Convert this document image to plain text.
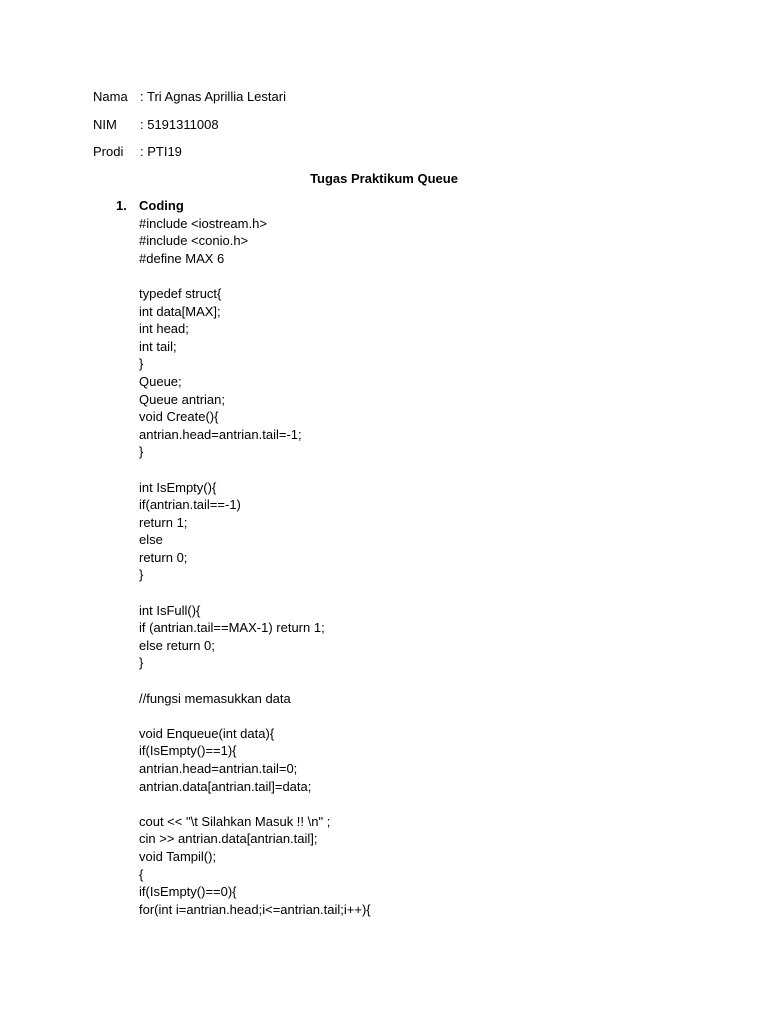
Nama : Tri Agnas Aprillia Lestari
NIM : 5191311008
Prodi : PTI19
Tugas Praktikum Queue
1. Coding
#include <iostream.h>
#include <conio.h>
#define MAX 6
typedef struct{
int data[MAX];
int head;
int tail;
}
Queue;
Queue antrian;
void Create(){
antrian.head=antrian.tail=-1;
}
int IsEmpty(){
if(antrian.tail==-1)
return 1;
else
return 0;
}
int IsFull(){
if (antrian.tail==MAX-1) return 1;
else return 0;
}
//fungsi memasukkan data
void Enqueue(int data){
if(IsEmpty()==1){
antrian.head=antrian.tail=0;
antrian.data[antrian.tail]=data;
cout << "\t Silahkan Masuk !! \n" ;
cin >> antrian.data[antrian.tail];
void Tampil();
{
if(IsEmpty()==0){
for(int i=antrian.head;i<=antrian.tail;i++){
